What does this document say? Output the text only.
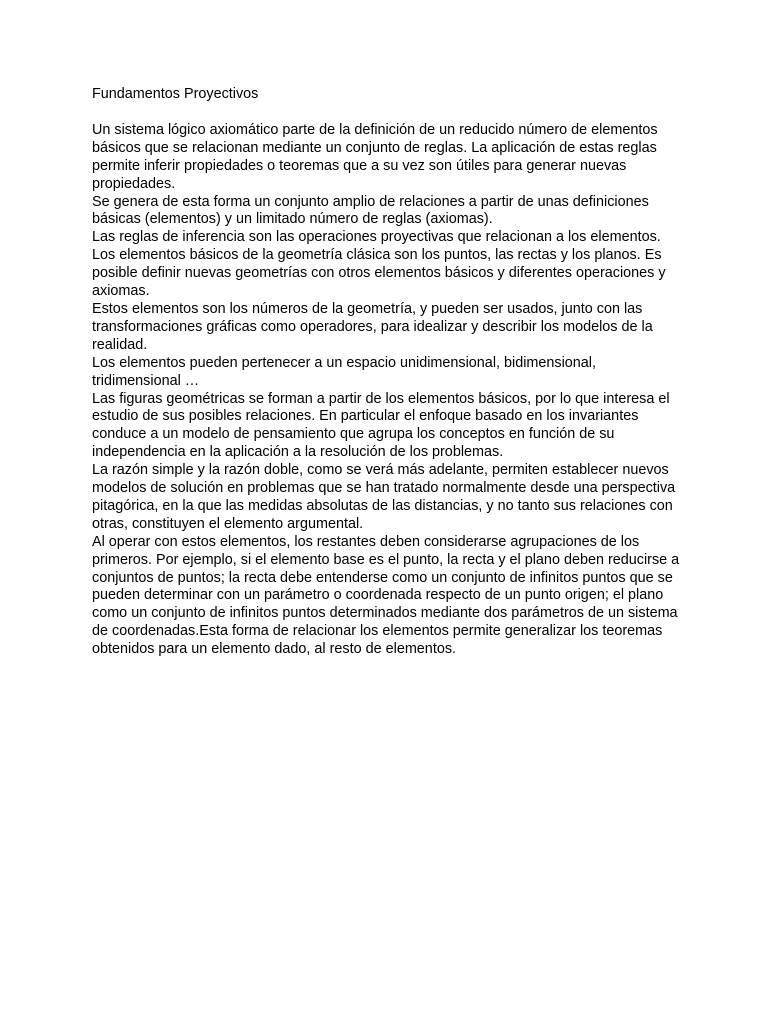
Fundamentos Proyectivos

Un sistema lógico axiomático parte de la definición de un reducido número de elementos básicos que se relacionan mediante un conjunto de reglas. La aplicación de estas reglas permite inferir propiedades o teoremas que a su vez son útiles para generar nuevas propiedades.

Se genera de esta forma un conjunto amplio de relaciones a partir de unas definiciones básicas (elementos) y un limitado número de reglas (axiomas).

Las reglas de inferencia son las operaciones proyectivas que relacionan a los elementos.

Los elementos básicos de la geometría clásica son los puntos, las rectas y los planos. Es posible definir nuevas geometrías con otros elementos básicos y diferentes operaciones y axiomas.

Estos elementos son los números de la geometría, y pueden ser usados, junto con las transformaciones gráficas como operadores, para idealizar y describir los modelos de la realidad.

Los elementos pueden pertenecer a un espacio unidimensional, bidimensional, tridimensional …

Las figuras geométricas se forman a partir de los elementos básicos, por lo que interesa el estudio de sus posibles relaciones. En particular el enfoque basado en los invariantes conduce a un modelo de pensamiento que agrupa los conceptos en función de su independencia en la aplicación a la resolución de los problemas.

La razón simple y la razón doble, como se verá más adelante, permiten establecer nuevos modelos de solución en problemas que se han tratado normalmente desde una perspectiva pitagórica, en la que las medidas absolutas de las distancias, y no tanto sus relaciones con otras, constituyen el elemento argumental.

Al operar con estos elementos, los restantes deben considerarse agrupaciones de los primeros. Por ejemplo, si el elemento base es el punto, la recta y el plano deben reducirse a conjuntos de puntos; la recta debe entenderse como un conjunto de infinitos puntos que se pueden determinar con un parámetro o coordenada respecto de un punto origen; el plano como un conjunto de infinitos puntos determinados mediante dos parámetros de un sistema de coordenadas.Esta forma de relacionar los elementos permite generalizar los teoremas obtenidos para un elemento dado, al resto de elementos.
